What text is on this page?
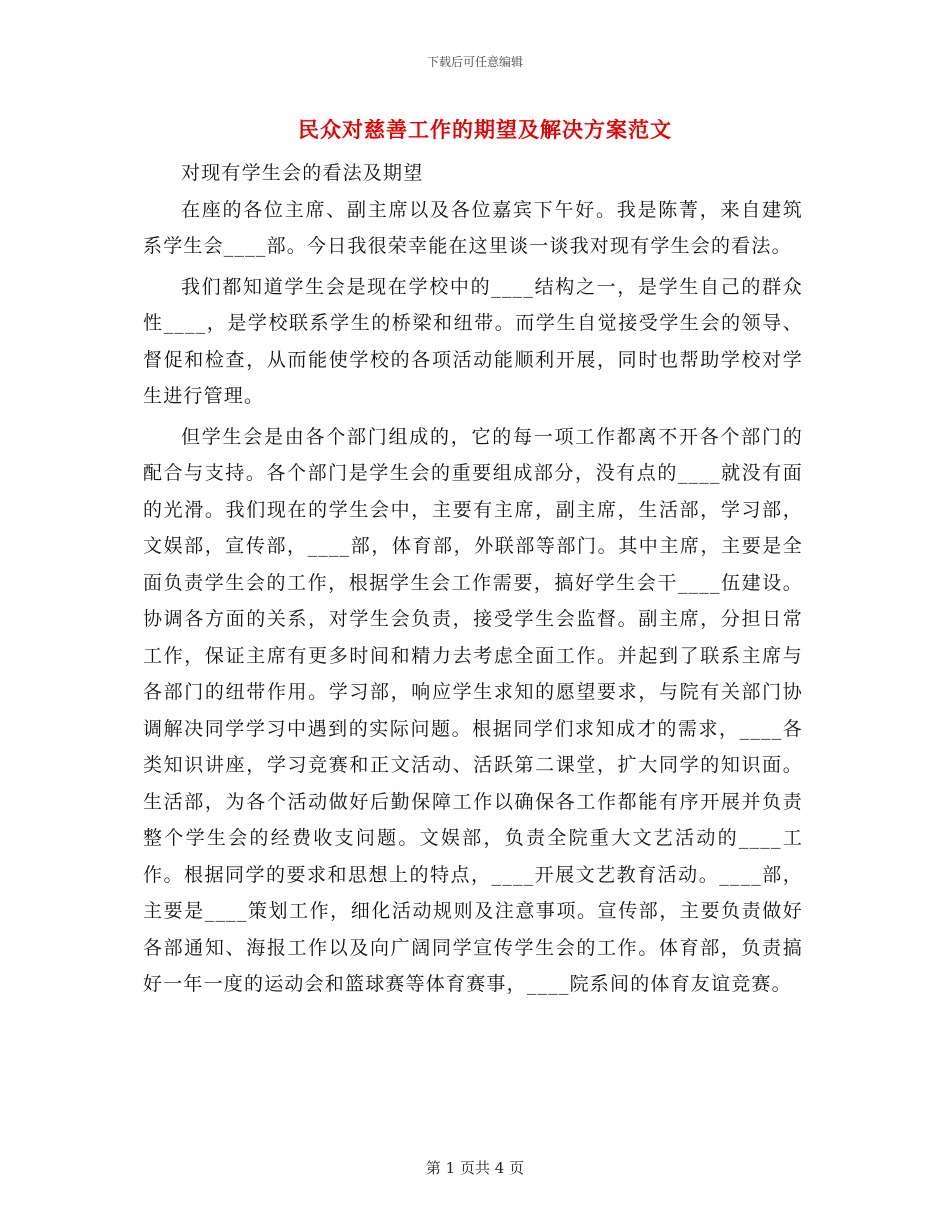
下载后可任意编辑
民众对慈善工作的期望及解决方案范文

对现有学生会的看法及期望

在座的各位主席、副主席以及各位嘉宾下午好。我是陈菁，来自建筑系学生会____部。今日我很荣幸能在这里谈一谈我对现有学生会的看法。

我们都知道学生会是现在学校中的____结构之一，是学生自己的群众性____，是学校联系学生的桥梁和纽带。而学生自觉接受学生会的领导、督促和检查，从而能使学校的各项活动能顺利开展，同时也帮助学校对学生进行管理。

但学生会是由各个部门组成的，它的每一项工作都离不开各个部门的配合与支持。各个部门是学生会的重要组成部分，没有点的____就没有面的光滑。我们现在的学生会中，主要有主席，副主席，生活部，学习部，文娱部，宣传部，____部，体育部，外联部等部门。其中主席，主要是全面负责学生会的工作，根据学生会工作需要，搞好学生会干____伍建设。协调各方面的关系，对学生会负责，接受学生会监督。副主席，分担日常工作，保证主席有更多时间和精力去考虑全面工作。并起到了联系主席与各部门的纽带作用。学习部，响应学生求知的愿望要求，与院有关部门协调解决同学学习中遇到的实际问题。根据同学们求知成才的需求，____各类知识讲座，学习竞赛和正文活动、活跃第二课堂，扩大同学的知识面。生活部，为各个活动做好后勤保障工作以确保各工作都能有序开展并负责整个学生会的经费收支问题。文娱部，负责全院重大文艺活动的____工作。根据同学的要求和思想上的特点，____开展文艺教育活动。____部，主要是____策划工作，细化活动规则及注意事项。宣传部，主要负责做好各部通知、海报工作以及向广阔同学宣传学生会的工作。体育部，负责搞好一年一度的运动会和篮球赛等体育赛事，____院系间的体育友谊竞赛。

第 1 页共 4 页
